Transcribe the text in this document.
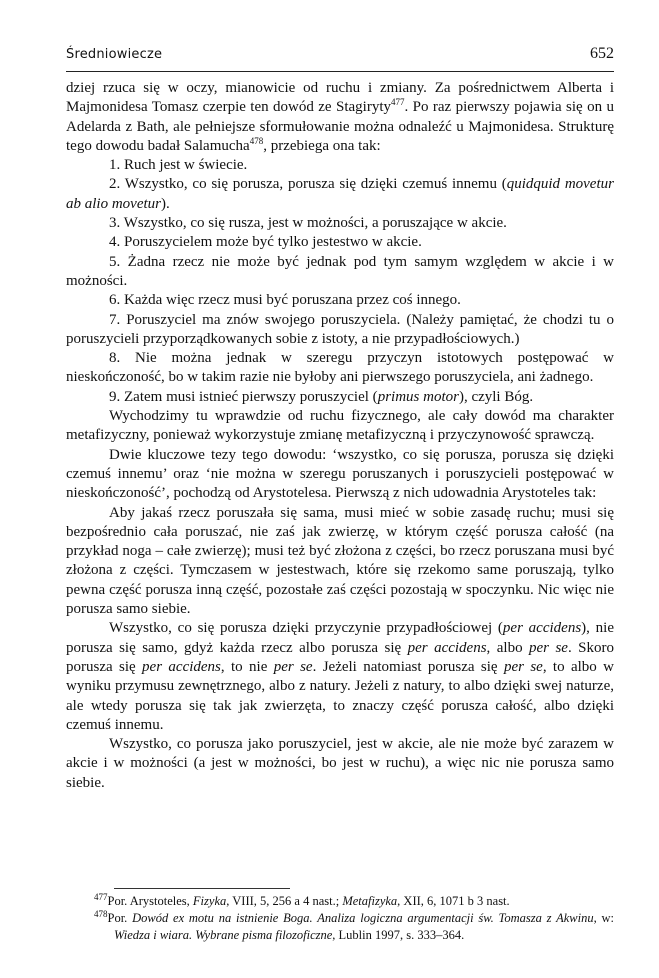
Średniowiecze	652

dziej rzuca się w oczy, mianowicie od ruchu i zmiany. Za pośrednictwem Alberta i Majmonidesa Tomasz czerpie ten dowód ze Stagiryty$^{477}$. Po raz pierwszy pojawia się on u Adelarda z Bath, ale pełniejsze sformułowanie można odnaleźć u Majmonidesa. Strukturę tego dowodu badał Salamucha$^{478}$, przebiega ona tak:

1. Ruch jest w świecie.

2. Wszystko, co się porusza, porusza się dzięki czemuś innemu (quidquid movetur ab alio movetur).

3. Wszystko, co się rusza, jest w możności, a poruszające w akcie.

4. Poruszycielem może być tylko jestestwo w akcie.

5. Żadna rzecz nie może być jednak pod tym samym względem w akcie i w możności.

6. Każda więc rzecz musi być poruszana przez coś innego.

7. Poruszyciel ma znów swojego poruszyciela. (Należy pamiętać, że chodzi tu o poruszycieli przyporządkowanych sobie z istoty, a nie przypadłościowych.)

8. Nie można jednak w szeregu przyczyn istotowych postępować w nieskończoność, bo w takim razie nie byłoby ani pierwszego poruszyciela, ani żadnego.

9. Zatem musi istnieć pierwszy poruszyciel (primus motor), czyli Bóg.

Wychodzimy tu wprawdzie od ruchu fizycznego, ale cały dowód ma charakter metafizyczny, ponieważ wykorzystuje zmianę metafizyczną i przyczynowość sprawczą.

Dwie kluczowe tezy tego dowodu: ‘wszystko, co się porusza, porusza się dzięki czemuś innemu’ oraz ‘nie można w szeregu poruszanych i poruszycieli postępować w nieskończoność’, pochodzą od Arystotelesa. Pierwszą z nich udowadnia Arystoteles tak:

Aby jakaś rzecz poruszała się sama, musi mieć w sobie zasadę ruchu; musi się bezpośrednio cała poruszać, nie zaś jak zwierzę, w którym część porusza całość (na przykład noga – całe zwierzę); musi też być złożona z części, bo rzecz poruszana musi być złożona z części. Tymczasem w jestestwach, które się rzekomo same poruszają, tylko pewna część porusza inną część, pozostałe zaś części pozostają w spoczynku. Nic więc nie porusza samo siebie.

Wszystko, co się porusza dzięki przyczynie przypadłościowej (per accidens), nie porusza się samo, gdyż każda rzecz albo porusza się per accidens, albo per se. Skoro porusza się per accidens, to nie per se. Jeżeli natomiast porusza się per se, to albo w wyniku przymusu zewnętrznego, albo z natury. Jeżeli z natury, to albo dzięki swej naturze, ale wtedy porusza się tak jak zwierzęta, to znaczy część porusza całość, albo dzięki czemuś innemu.

Wszystko, co porusza jako poruszyciel, jest w akcie, ale nie może być zarazem w akcie i w możności (a jest w możności, bo jest w ruchu), a więc nic nie porusza samo siebie.

$^{477}$Por. Arystoteles, Fizyka, VIII, 5, 256 a 4 nast.; Metafizyka, XII, 6, 1071 b 3 nast.

$^{478}$Por. Dowód ex motu na istnienie Boga. Analiza logiczna argumentacji św. Tomasza z Akwinu, w: Wiedza i wiara. Wybrane pisma filozoficzne, Lublin 1997, s. 333–364.
